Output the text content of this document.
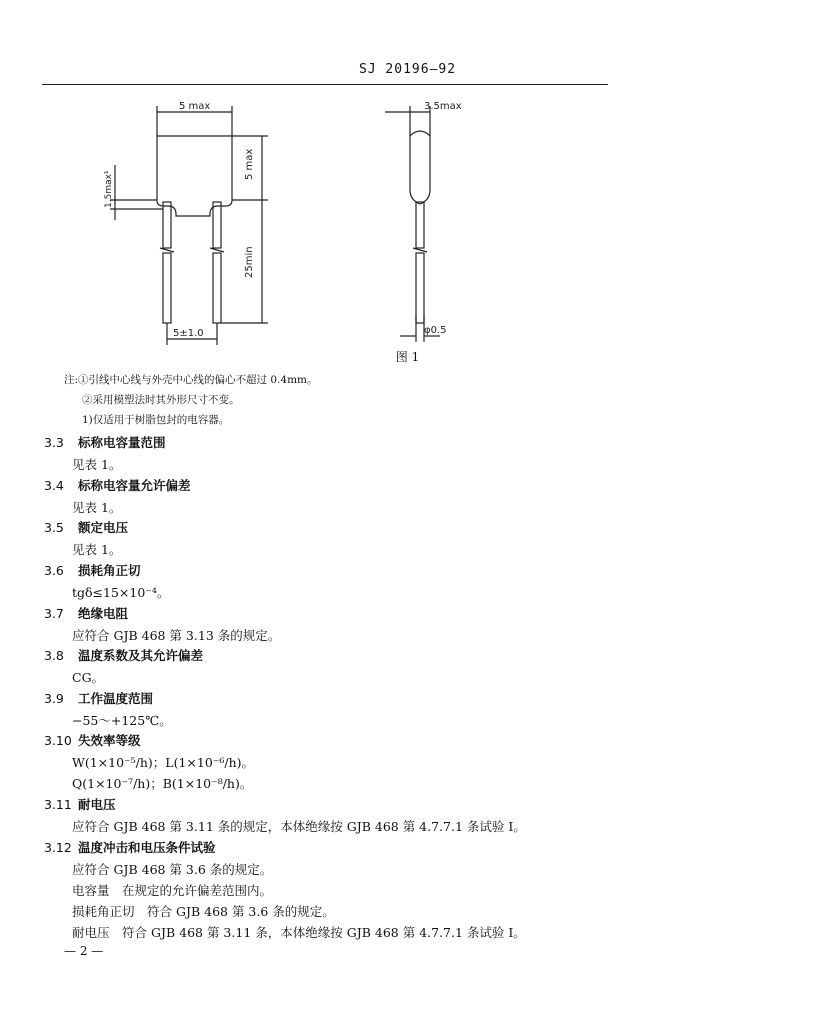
SJ 20196—92
5 max
5 max
1.5max¹
25min
5±1.0
3.5max
φ0.5
图 1
注:①引线中心线与外壳中心线的偏心不超过 0.4mm。
②采用模塑法时其外形尺寸不变。
1)仅适用于树脂包封的电容器。
3.3 标称电容量范围
见表 1。
3.4 标称电容量允许偏差
见表 1。
3.5 额定电压
见表 1。
3.6 损耗角正切
tgδ≤15×10⁻⁴。
3.7 绝缘电阻
应符合 GJB 468 第 3.13 条的规定。
3.8 温度系数及其允许偏差
CG。
3.9 工作温度范围
−55～+125℃。
3.10 失效率等级
W(1×10⁻⁵/h)；L(1×10⁻⁶/h)。
Q(1×10⁻⁷/h)；B(1×10⁻⁸/h)。
3.11 耐电压
应符合 GJB 468 第 3.11 条的规定，本体绝缘按 GJB 468 第 4.7.7.1 条试验 Ⅰ。
3.12 温度冲击和电压条件试验
应符合 GJB 468 第 3.6 条的规定。
电容量　在规定的允许偏差范围内。
损耗角正切　符合 GJB 468 第 3.6 条的规定。
耐电压　符合 GJB 468 第 3.11 条，本体绝缘按 GJB 468 第 4.7.7.1 条试验 Ⅰ。
— 2 —
